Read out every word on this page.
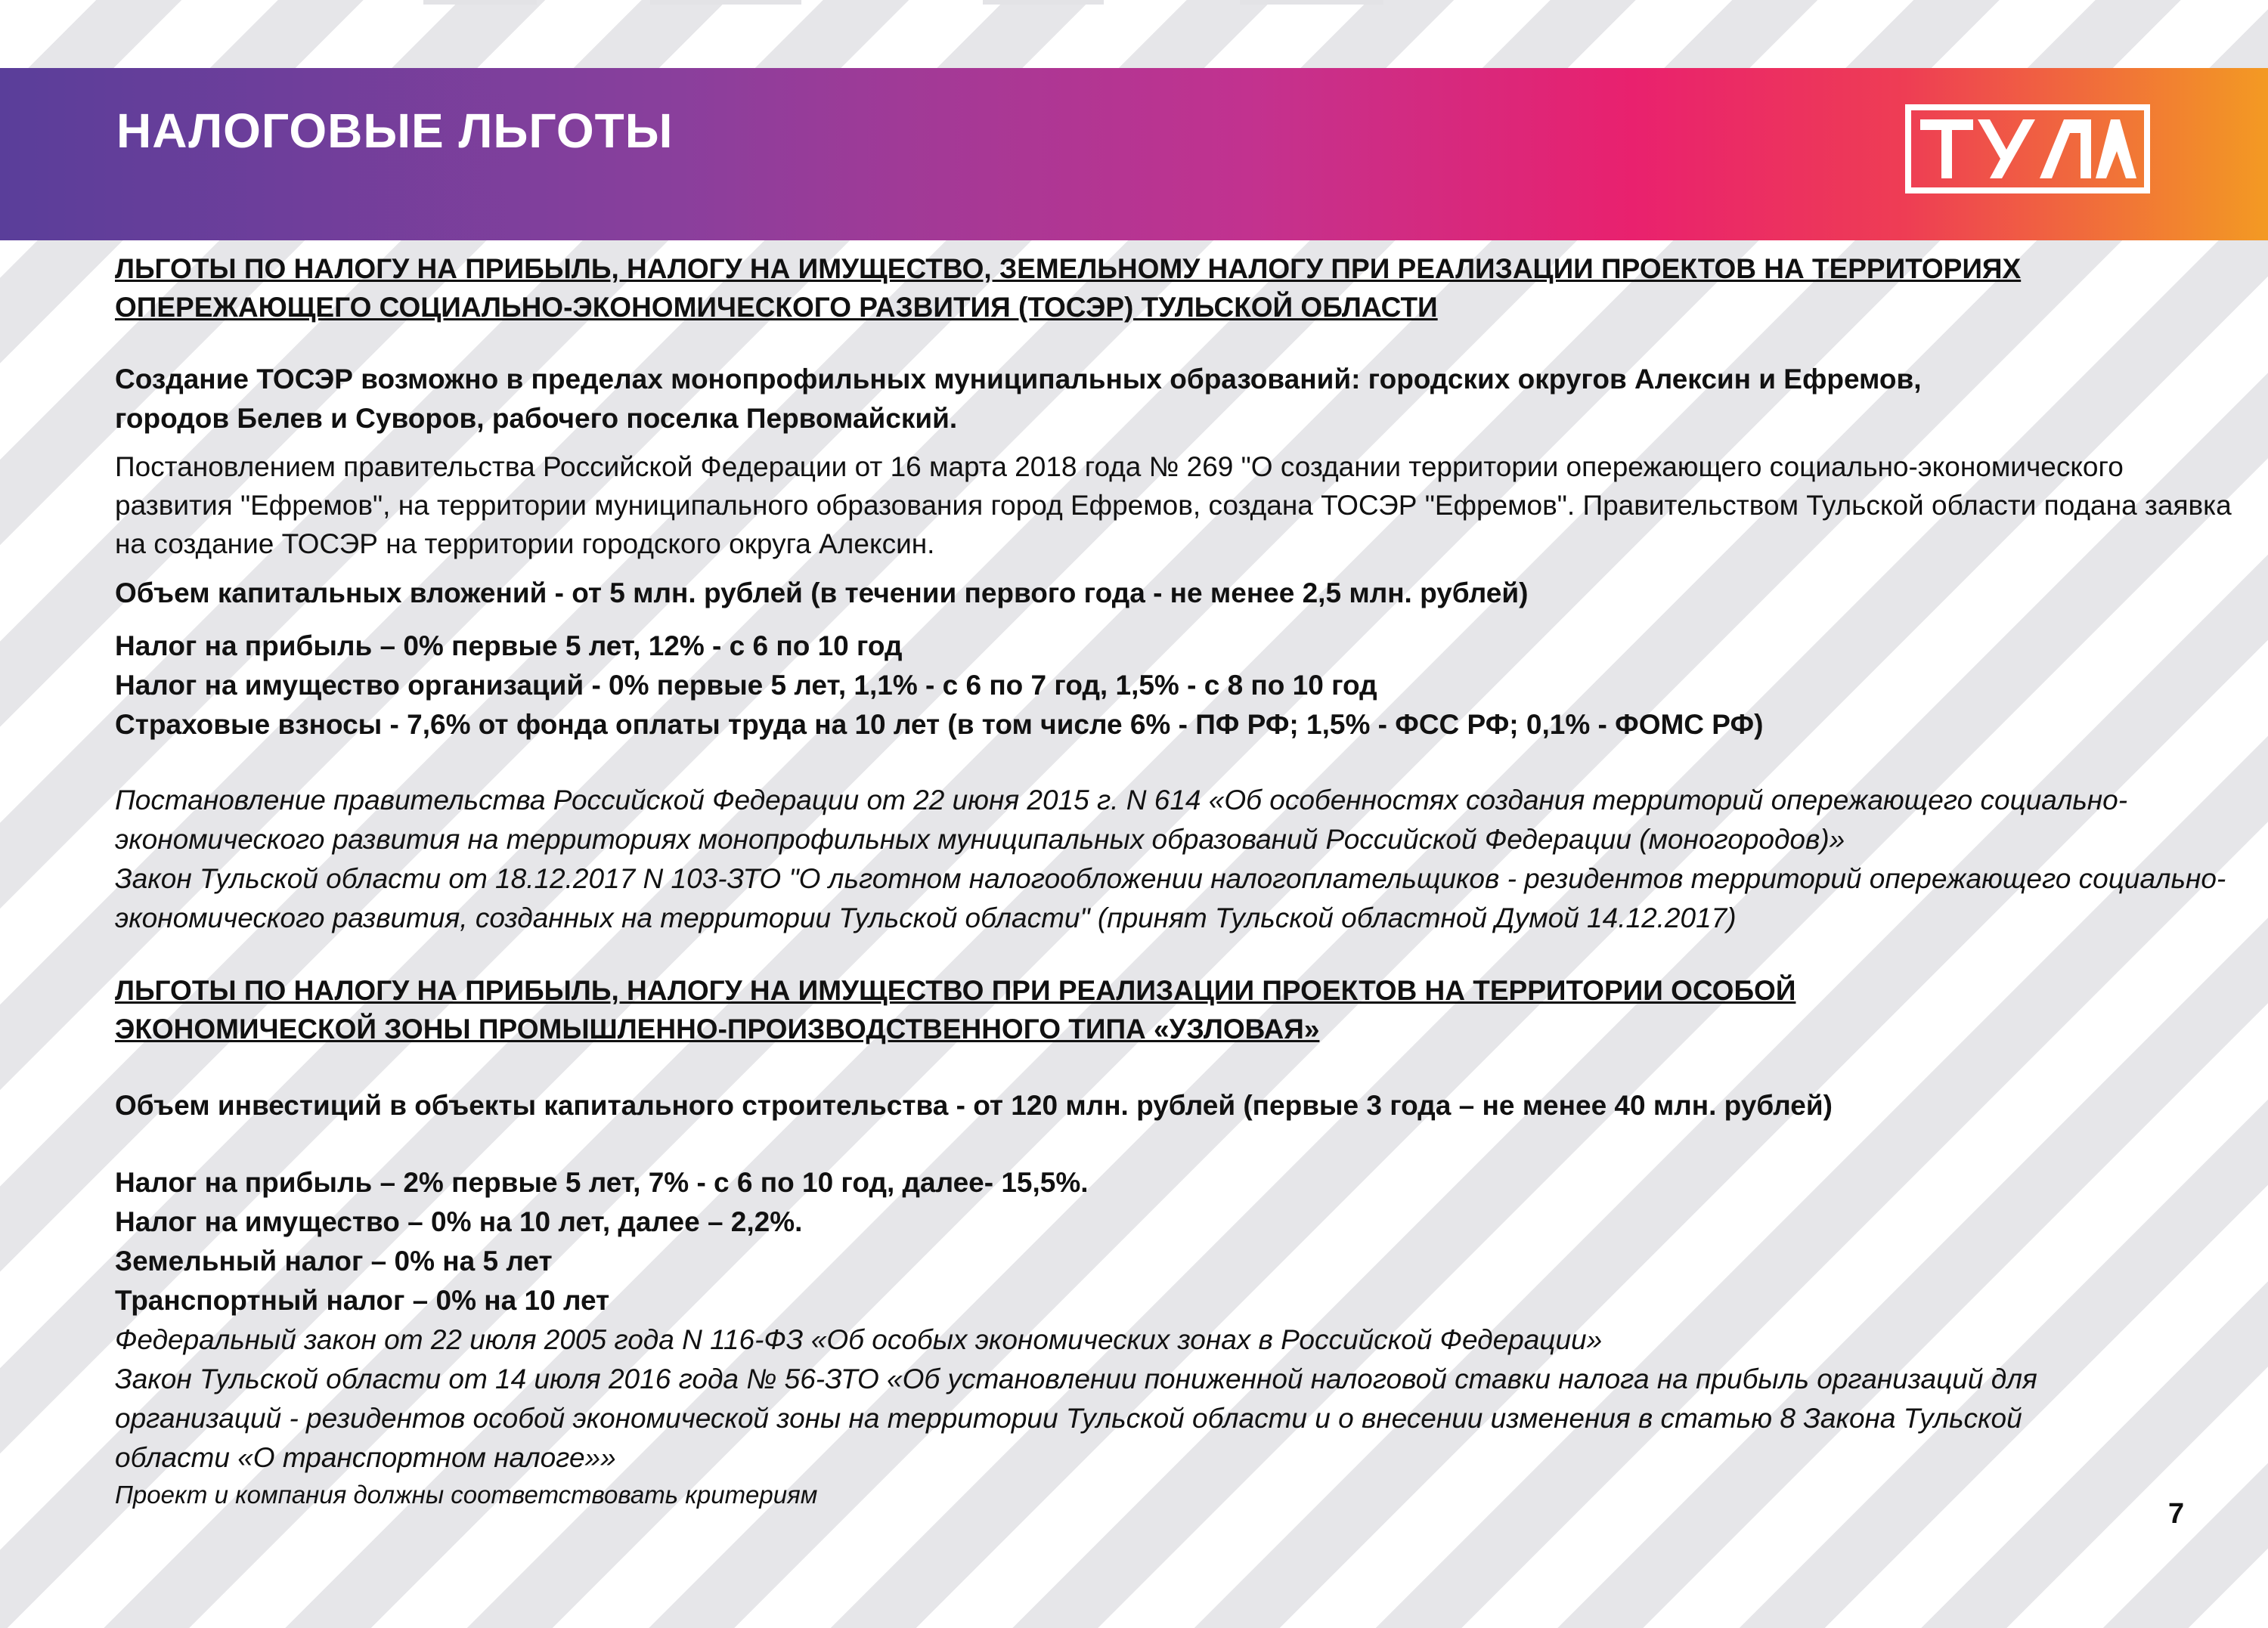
НАЛОГОВЫЕ ЛЬГОТЫ
ЛЬГОТЫ ПО НАЛОГУ НА ПРИБЫЛЬ, НАЛОГУ НА ИМУЩЕСТВО, ЗЕМЕЛЬНОМУ НАЛОГУ ПРИ РЕАЛИЗАЦИИ ПРОЕКТОВ НА ТЕРРИТОРИЯХ
ОПЕРЕЖАЮЩЕГО СОЦИАЛЬНО-ЭКОНОМИЧЕСКОГО РАЗВИТИЯ (ТОСЭР) ТУЛЬСКОЙ ОБЛАСТИ
Создание ТОСЭР возможно в пределах монопрофильных муниципальных образований: городских округов Алексин и Ефремов,
городов Белев и Суворов, рабочего поселка Первомайский.
Постановлением правительства Российской Федерации от 16 марта 2018 года № 269 "О создании территории опережающего социально-экономического
развития "Ефремов", на территории муниципального образования город Ефремов, создана ТОСЭР "Ефремов". Правительством Тульской области подана заявка
на создание ТОСЭР на территории городского округа Алексин.
Объем капитальных вложений - от 5 млн. рублей (в течении первого года - не менее 2,5 млн. рублей)
Налог на прибыль – 0% первые 5 лет, 12% - с 6 по 10 год
Налог на имущество организаций - 0% первые 5 лет, 1,1% - с 6 по 7 год, 1,5% - с 8 по 10 год
Страховые взносы - 7,6% от фонда оплаты труда на 10 лет (в том числе 6% - ПФ РФ; 1,5% - ФСС РФ; 0,1% - ФОМС РФ)
Постановление правительства Российской Федерации от 22 июня 2015 г. N 614 «Об особенностях создания территорий опережающего социально-
экономического развития на территориях монопрофильных муниципальных образований Российской Федерации (моногородов)»
Закон Тульской области от 18.12.2017 N 103-ЗТО "О льготном налогообложении налогоплательщиков - резидентов территорий опережающего социально-
экономического развития, созданных на территории Тульской области" (принят Тульской областной Думой 14.12.2017)
ЛЬГОТЫ ПО НАЛОГУ НА ПРИБЫЛЬ, НАЛОГУ НА ИМУЩЕСТВО ПРИ РЕАЛИЗАЦИИ ПРОЕКТОВ НА ТЕРРИТОРИИ ОСОБОЙ
ЭКОНОМИЧЕСКОЙ ЗОНЫ ПРОМЫШЛЕННО-ПРОИЗВОДСТВЕННОГО ТИПА «УЗЛОВАЯ»
Объем инвестиций в объекты капитального строительства - от 120 млн. рублей (первые 3 года – не менее 40 млн. рублей)
Налог на прибыль – 2% первые 5 лет, 7% - с 6 по 10 год, далее- 15,5%.
Налог на имущество – 0% на 10 лет, далее – 2,2%.
Земельный налог – 0% на 5 лет
Транспортный налог – 0% на 10 лет
Федеральный закон от 22 июля 2005 года N 116-ФЗ «Об особых экономических зонах в Российской Федерации»
Закон Тульской области от 14 июля 2016 года № 56-ЗТО «Об установлении пониженной налоговой ставки налога на прибыль организаций для
организаций - резидентов особой экономической зоны на территории Тульской области и о внесении изменения в статью 8 Закона Тульской
области «О транспортном налоге»»
Проект и компания должны соответствовать критериям
7
